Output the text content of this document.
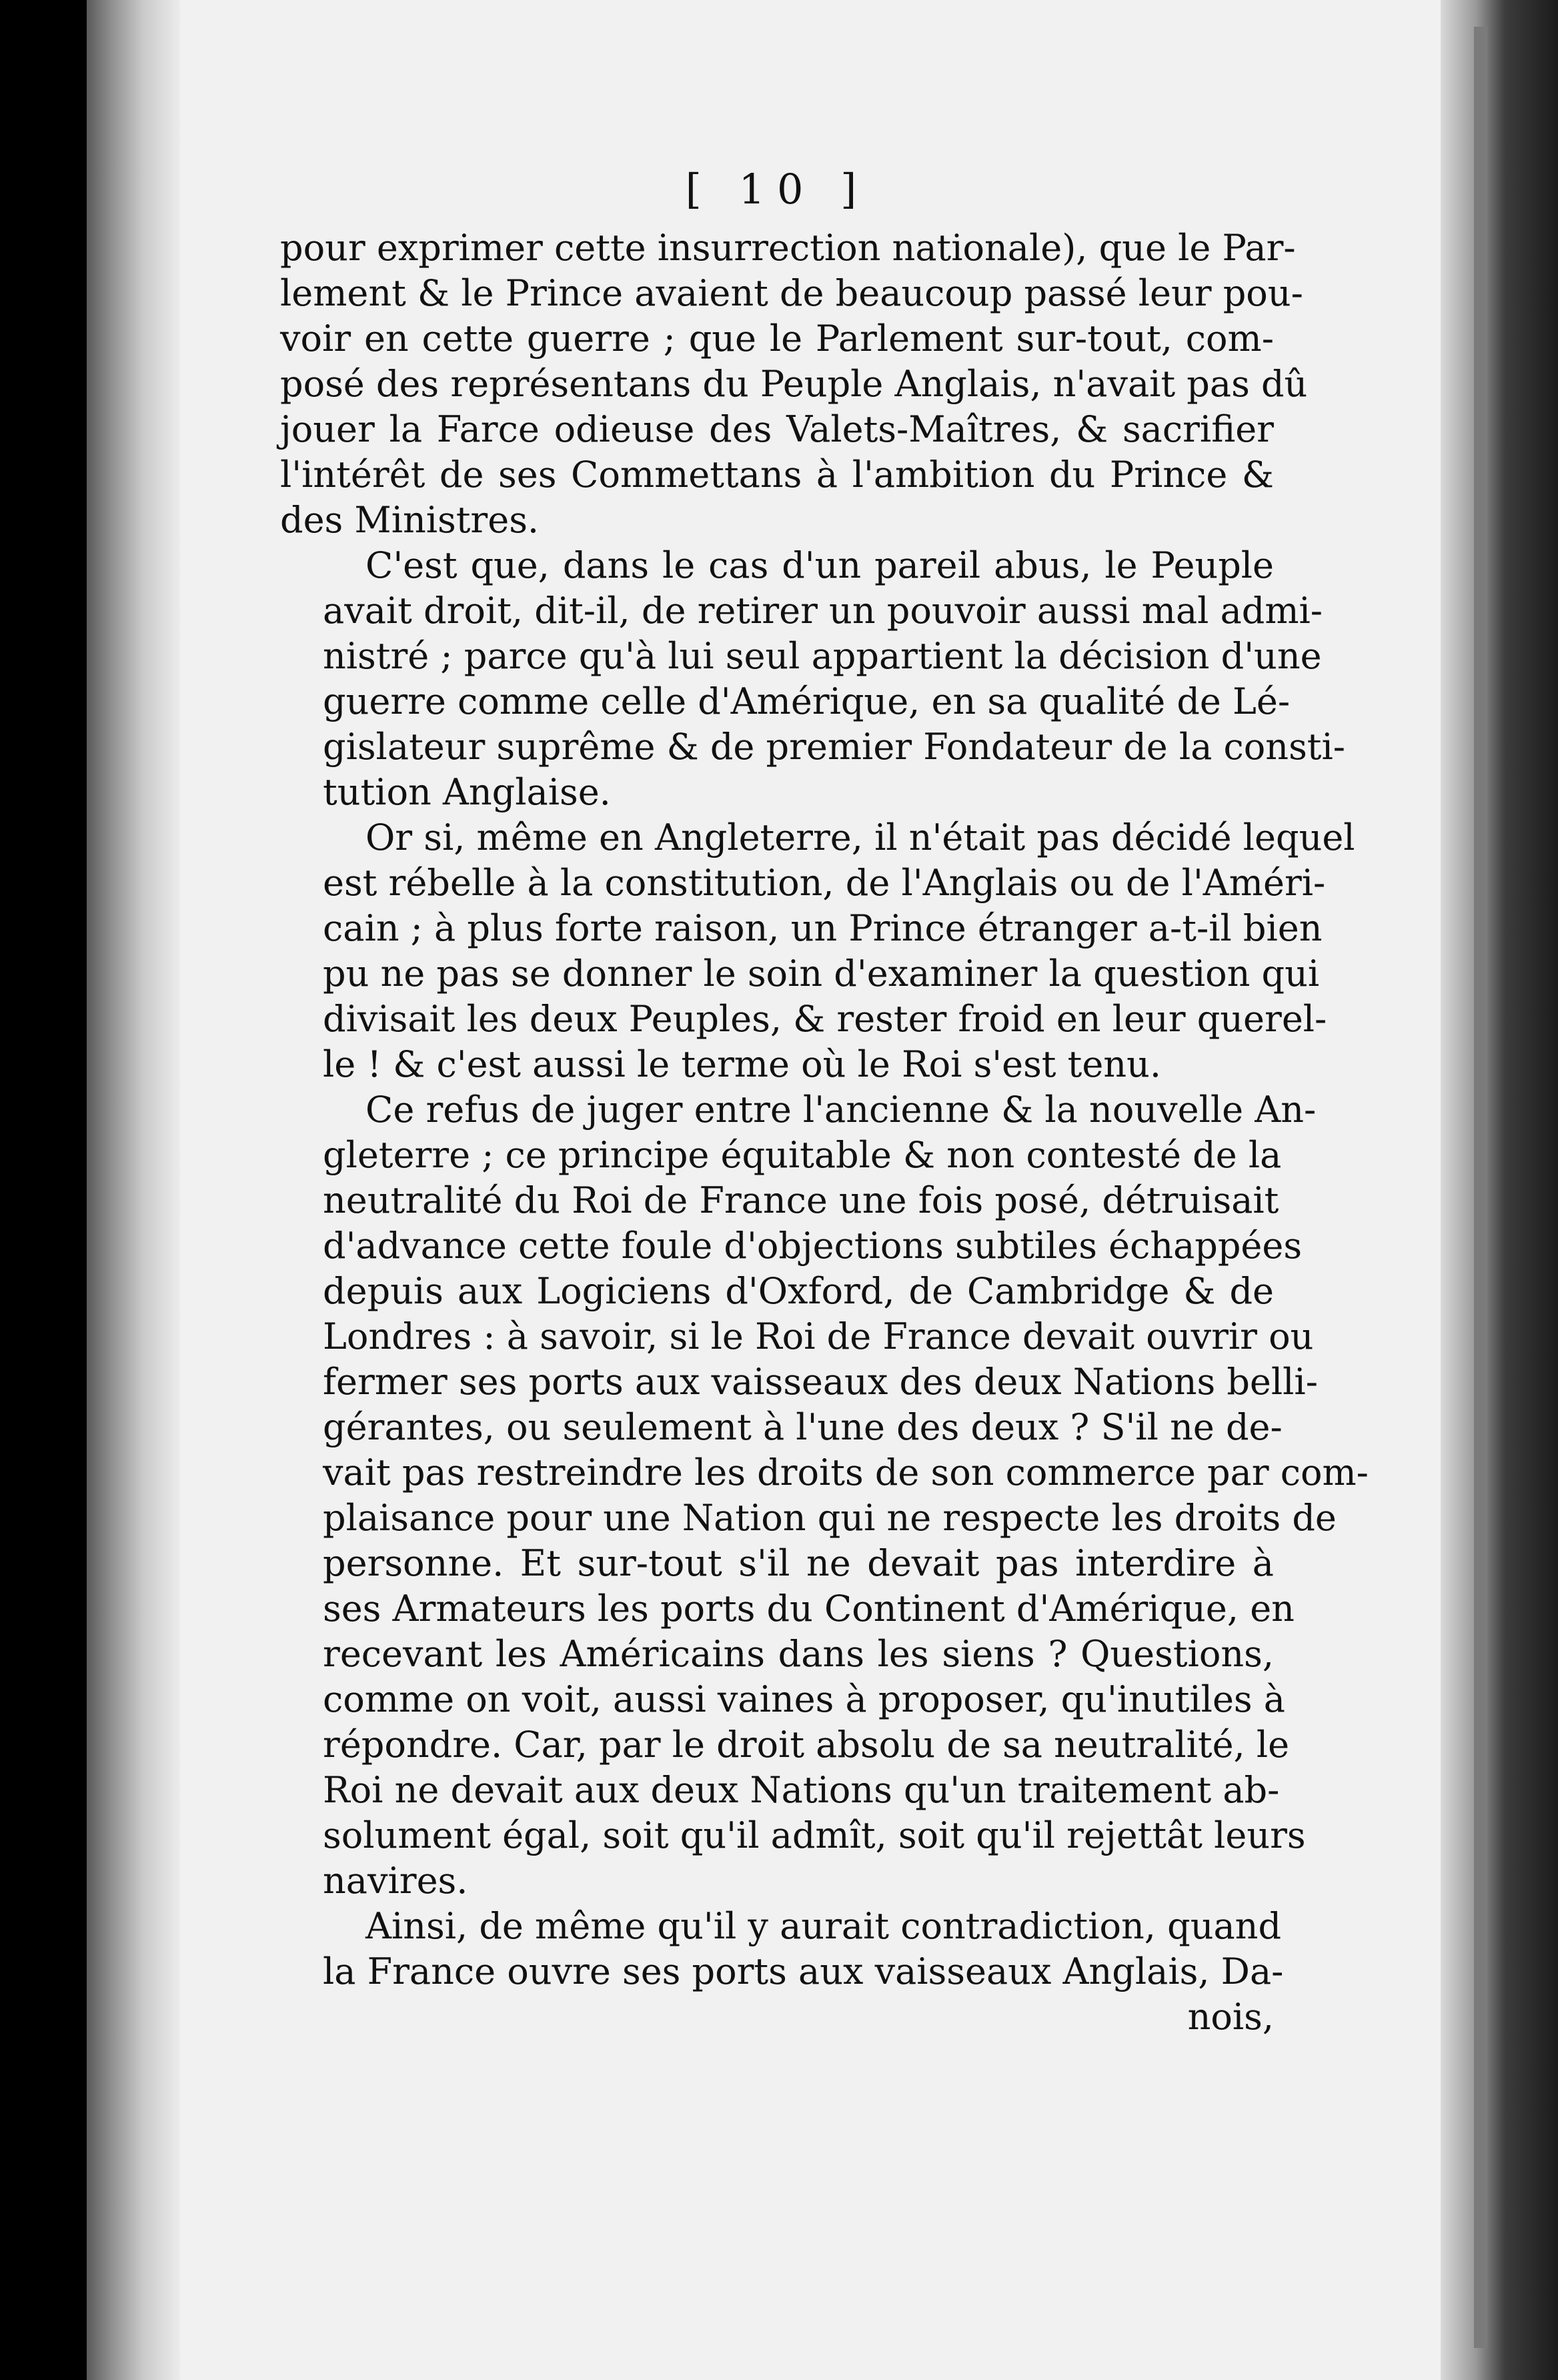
[ 10 ]
pour exprimer cette insurrection nationale), que le Par-
lement & le Prince avaient de beaucoup passé leur pou-
voir en cette guerre ; que le Parlement sur-tout, com-
posé des représentans du Peuple Anglais, n'avait pas dû
jouer la Farce odieuse des Valets-Maîtres, & sacrifier
l'intérêt de ses Commettans à l'ambition du Prince &
des Ministres.
C'est que, dans le cas d'un pareil abus, le Peuple
avait droit, dit-il, de retirer un pouvoir aussi mal admi-
nistré ; parce qu'à lui seul appartient la décision d'une
guerre comme celle d'Amérique, en sa qualité de Lé-
gislateur suprême & de premier Fondateur de la consti-
tution Anglaise.
Or si, même en Angleterre, il n'était pas décidé lequel
est rébelle à la constitution, de l'Anglais ou de l'Améri-
cain ; à plus forte raison, un Prince étranger a-t-il bien
pu ne pas se donner le soin d'examiner la question qui
divisait les deux Peuples, & rester froid en leur querel-
le ! & c'est aussi le terme où le Roi s'est tenu.
Ce refus de juger entre l'ancienne & la nouvelle An-
gleterre ; ce principe équitable & non contesté de la
neutralité du Roi de France une fois posé, détruisait
d'advance cette foule d'objections subtiles échappées
depuis aux Logiciens d'Oxford, de Cambridge & de
Londres : à savoir, si le Roi de France devait ouvrir ou
fermer ses ports aux vaisseaux des deux Nations belli-
gérantes, ou seulement à l'une des deux ? S'il ne de-
vait pas restreindre les droits de son commerce par com-
plaisance pour une Nation qui ne respecte les droits de
personne. Et sur-tout s'il ne devait pas interdire à
ses Armateurs les ports du Continent d'Amérique, en
recevant les Américains dans les siens ? Questions,
comme on voit, aussi vaines à proposer, qu'inutiles à
répondre. Car, par le droit absolu de sa neutralité, le
Roi ne devait aux deux Nations qu'un traitement ab-
solument égal, soit qu'il admît, soit qu'il rejettât leurs
navires.
Ainsi, de même qu'il y aurait contradiction, quand
la France ouvre ses ports aux vaisseaux Anglais, Da-
nois,
